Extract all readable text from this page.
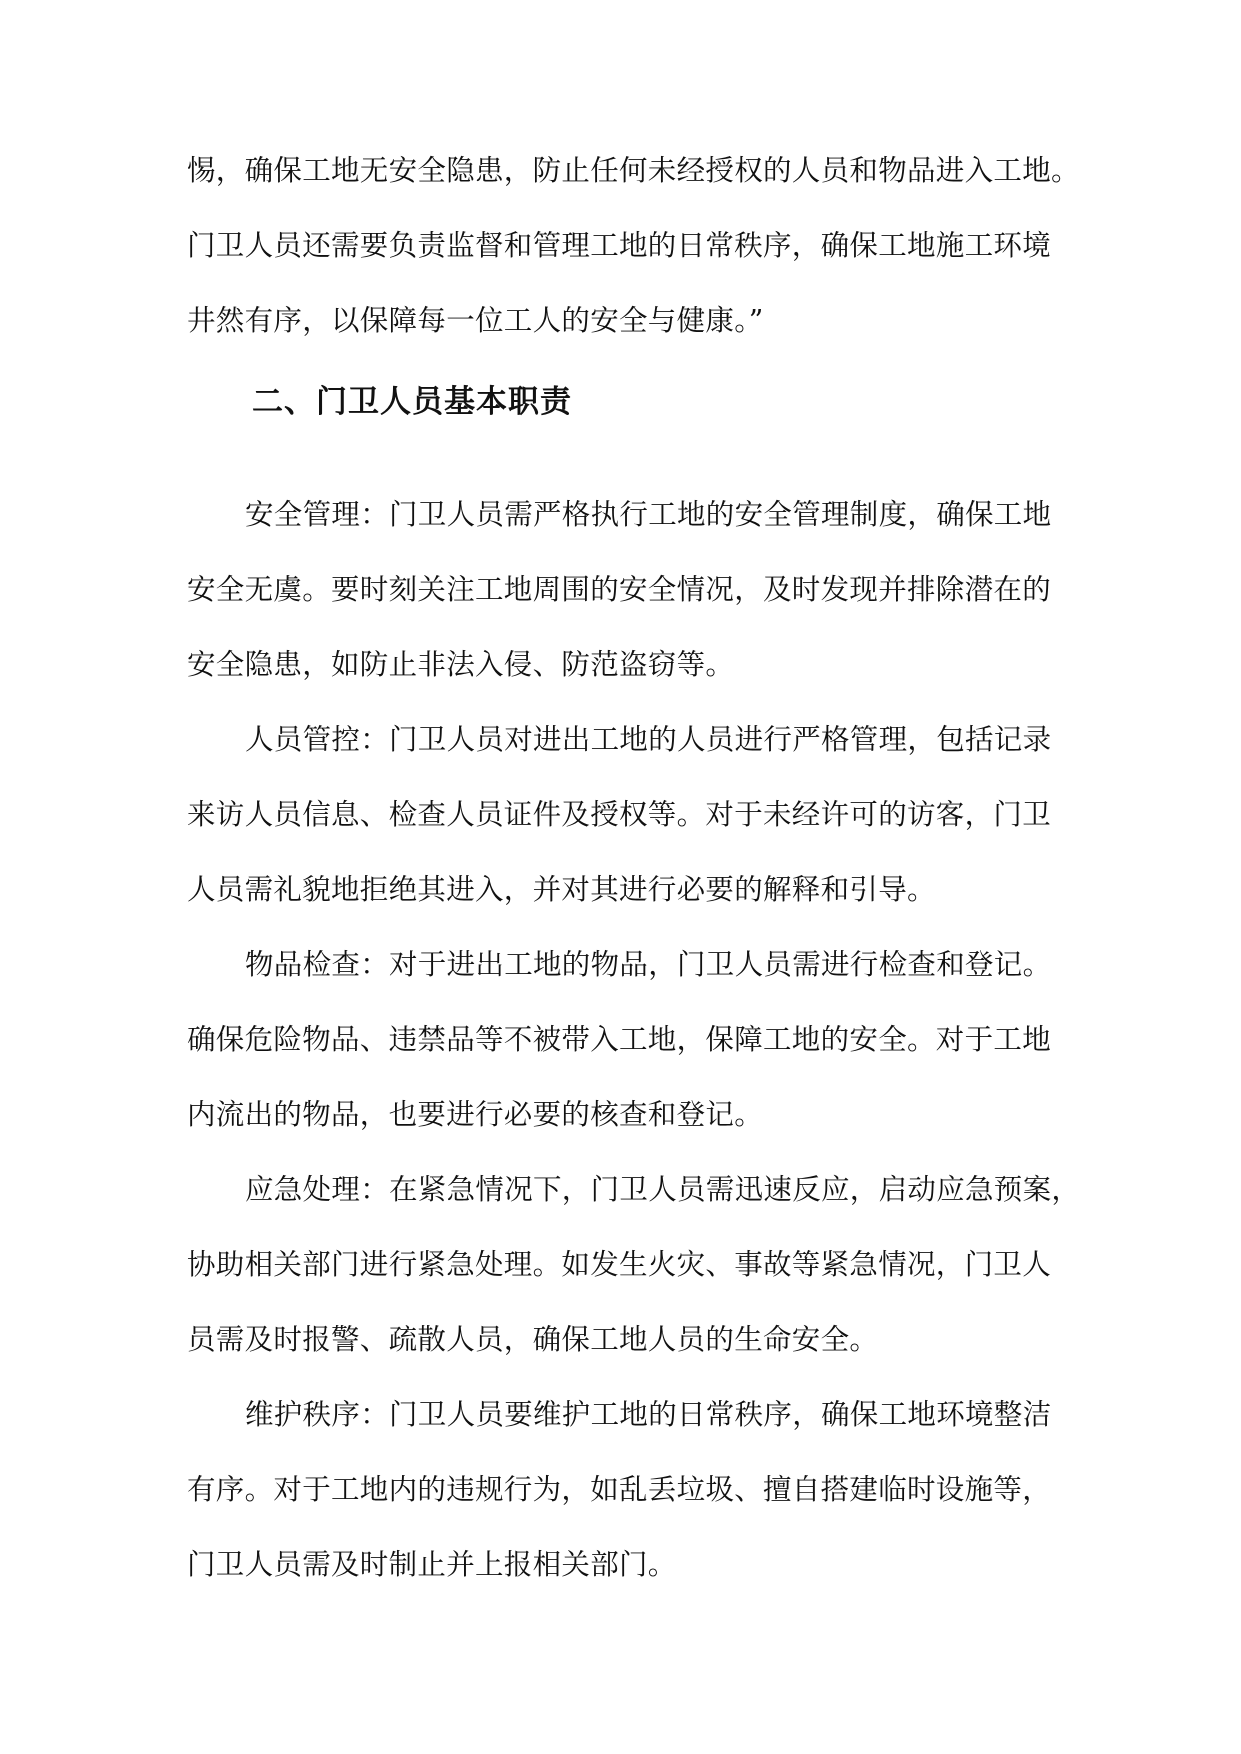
惕，确保工地无安全隐患，防止任何未经授权的人员和物品进入工地。
门卫人员还需要负责监督和管理工地的日常秩序，确保工地施工环境
井然有序，以保障每一位工人的安全与健康。”
二、门卫人员基本职责
安全管理：门卫人员需严格执行工地的安全管理制度，确保工地
安全无虞。要时刻关注工地周围的安全情况，及时发现并排除潜在的
安全隐患，如防止非法入侵、防范盗窃等。
人员管控：门卫人员对进出工地的人员进行严格管理，包括记录
来访人员信息、检查人员证件及授权等。对于未经许可的访客，门卫
人员需礼貌地拒绝其进入，并对其进行必要的解释和引导。
物品检查：对于进出工地的物品，门卫人员需进行检查和登记。
确保危险物品、违禁品等不被带入工地，保障工地的安全。对于工地
内流出的物品，也要进行必要的核查和登记。
应急处理：在紧急情况下，门卫人员需迅速反应，启动应急预案，
协助相关部门进行紧急处理。如发生火灾、事故等紧急情况，门卫人
员需及时报警、疏散人员，确保工地人员的生命安全。
维护秩序：门卫人员要维护工地的日常秩序，确保工地环境整洁
有序。对于工地内的违规行为，如乱丢垃圾、擅自搭建临时设施等，
门卫人员需及时制止并上报相关部门。
